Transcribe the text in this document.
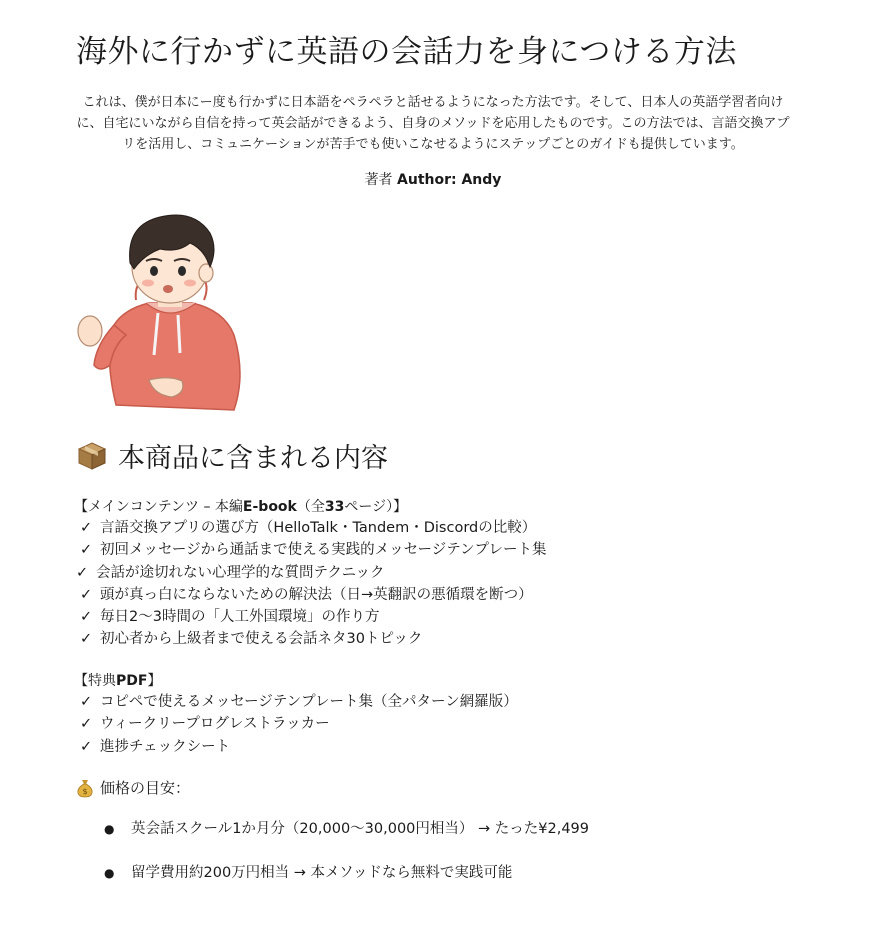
海外に行かずに英語の会話力を身につける方法

これは、僕が日本にー度も行かずに日本語をペラペラと話せるようになった方法です。そして、日本人の英語学習者向けに、自宅にいながら自信を持って英会話ができるよう、自身のメソッドを応用したものです。この方法では、言語交換アプリを活用し、コミュニケーションが苦手でも使いこなせるようにステップごとのガイドも提供しています。

著者 Author: Andy
本商品に含まれる内容
【メインコンテンツ – 本編E-book（全33ページ）】
✓ 言語交換アプリの選び方（HelloTalk・Tandem・Discordの比較）
✓ 初回メッセージから通話まで使える実践的メッセージテンプレート集
✓ 会話が途切れない心理学的な質問テクニック
✓ 頭が真っ白にならないための解決法（日→英翻訳の悪循環を断つ）
✓ 毎日2〜3時間の「人工外国環境」の作り方
✓ 初心者から上級者まで使える会話ネタ30トピック
【特典PDF】
✓ コピペで使えるメッセージテンプレート集（全パターン網羅版）
✓ ウィークリープログレストラッカー
✓ 進捗チェックシート
$ 価格の目安：
● 英会話スクール1か月分（20,000〜30,000円相当） → たった¥2,499
● 留学費用約200万円相当 → 本メソッドなら無料で実践可能
